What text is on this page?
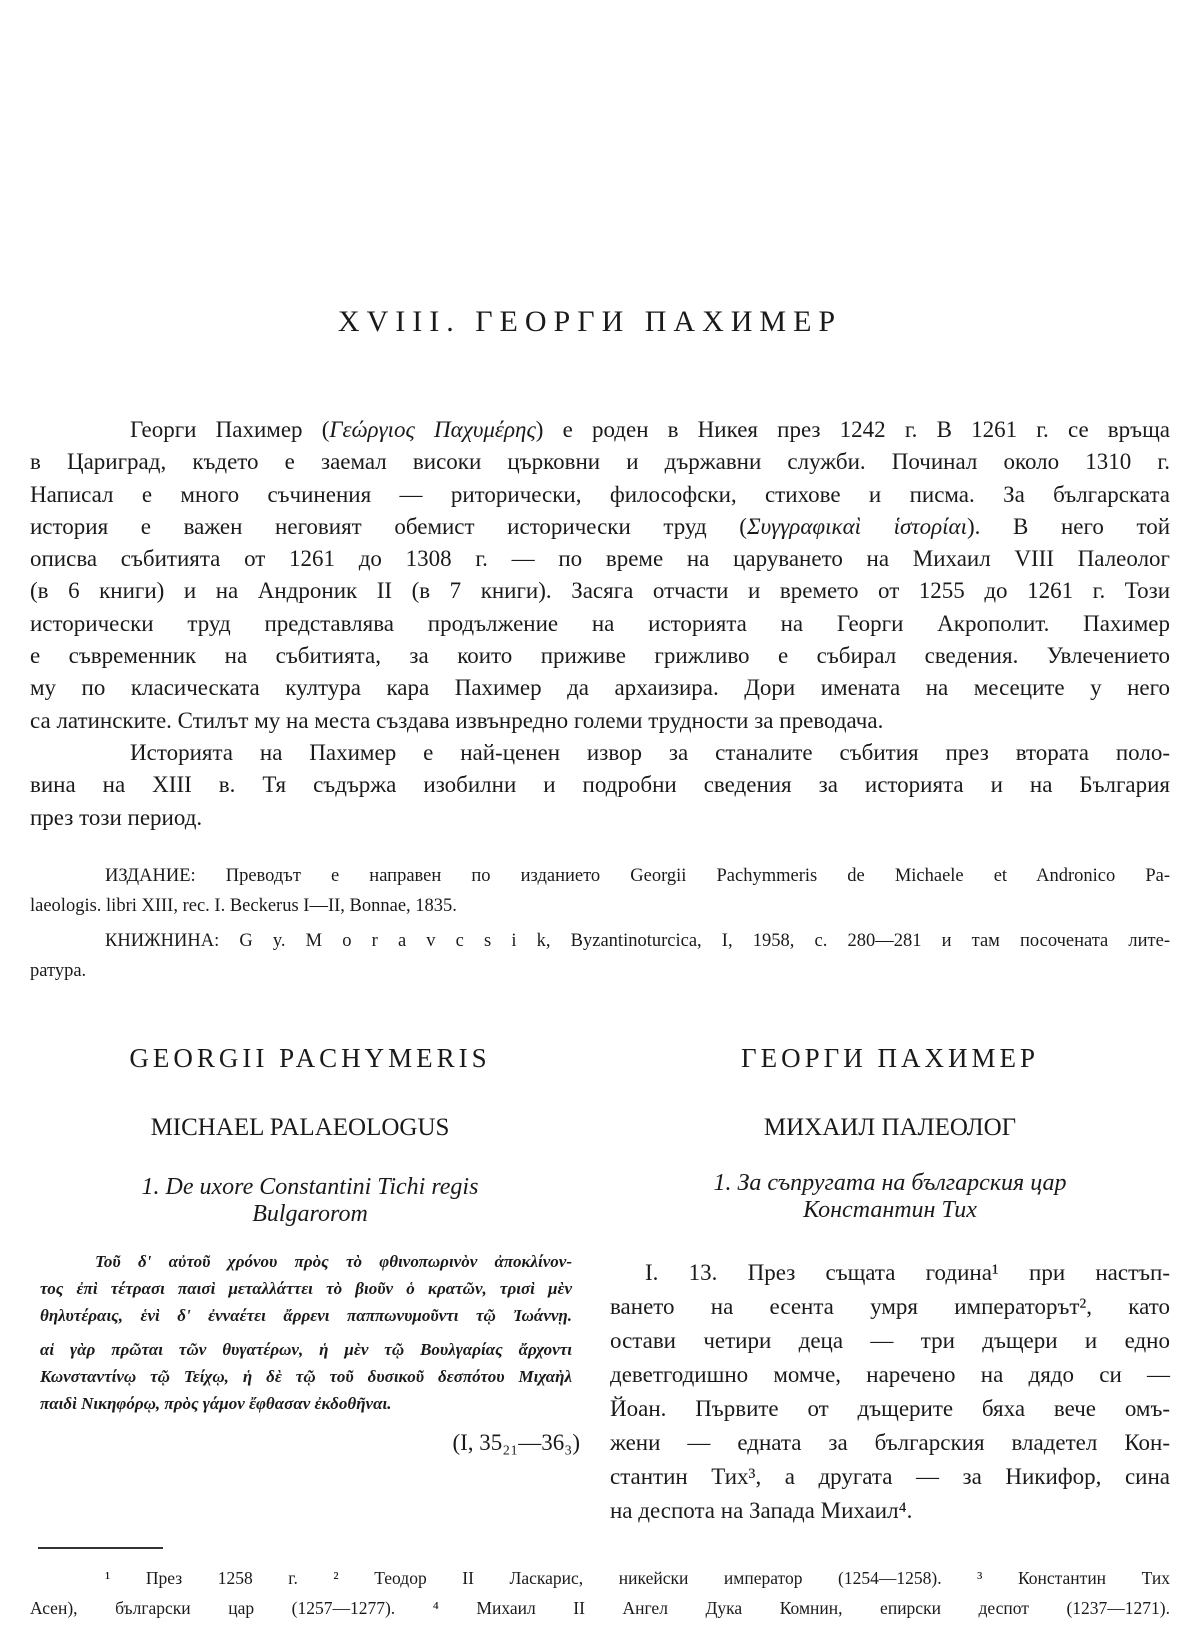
XVIII. ГЕОРГИ ПАХИМЕР
Георги Пахимер (Γεώργιος Παχυμέρης) е роден в Никея през 1242 г. В 1261 г. се връща
в Цариград, където е заемал високи църковни и държавни служби. Починал около 1310 г.
Написал е много съчинения — риторически, философски, стихове и писма. За българската
история е важен неговият обемист исторически труд (Συγγραφικαὶ ἱστορίαι). В него той
описва събитията от 1261 до 1308 г. — по време на царуването на Михаил VIII Палеолог
(в 6 книги) и на Андроник II (в 7 книги). Засяга отчасти и времето от 1255 до 1261 г. Този
исторически труд представлява продължение на историята на Георги Акрополит. Пахимер
е съвременник на събитията, за които приживе грижливо е събирал сведения. Увлечението
му по класическата култура кара Пахимер да архаизира. Дори имената на месеците у него
са латинските. Стилът му на места създава извънредно големи трудности за преводача.
Историята на Пахимер е най-ценен извор за станалите събития през втората поло-
вина на XIII в. Тя съдържа изобилни и подробни сведения за историята и на България
през този период.
ИЗДАНИЕ: Преводът е направен по изданието Georgii Pachymmeris de Michaele et Andronico Pa-
laeologis. libri XIII, rec. I. Beckerus I—II, Bonnae, 1835.
КНИЖНИНА: G y. M o r a v c s i k, Byzantinoturcica, I, 1958, с. 280—281 и там посочената лите-
ратура.
GEORGII PACHYMERIS
MICHAEL PALAEOLOGUS
1. De uxore Constantini Tichi regis
Bulgarorom
Τοῦ δ' αὐτοῦ χρόνου πρὸς τὸ φθινοπωρινὸν ἀποκλίνον-
τος ἐπὶ τέτρασι παισὶ μεταλλάττει τὸ βιοῦν ὁ κρατῶν, τρισὶ μὲν
θηλυτέραις, ἑνὶ δ' ἐνναέτει ἄρρενι παππωνυμοῦντι τῷ Ἰωάννῃ.
αἱ γὰρ πρῶται τῶν θυγατέρων, ἡ μὲν τῷ Βουλγαρίας ἄρχοντι
Κωνσταντίνῳ τῷ Τείχῳ, ἡ δὲ τῷ τοῦ δυσικοῦ δεσπότου Μιχαὴλ
παιδὶ Νικηφόρῳ, πρὸς γάμον ἔφθασαν ἐκδοθῆναι.
(I, 35₂₁—36₃)
ГЕОРГИ ПАХИМЕР
МИХАИЛ ПАЛЕОЛОГ
1. За съпругата на българския цар
Константин Тих
I. 13. През същата година¹ при настъп-
ването на есента умря императорът², като
остави четири деца — три дъщери и едно
деветгодишно момче, наречено на дядо си —
Йоан. Първите от дъщерите бяха вече омъ-
жени — едната за българския владетел Кон-
стантин Тих³, а другата — за Никифор, сина
на деспота на Запада Михаил⁴.
¹ През 1258 г. ² Теодор II Ласкарис, никейски император (1254—1258). ³ Константин Тих
Асен), български цар (1257—1277). ⁴ Михаил II Ангел Дука Комнин, епирски деспот (1237—1271).
